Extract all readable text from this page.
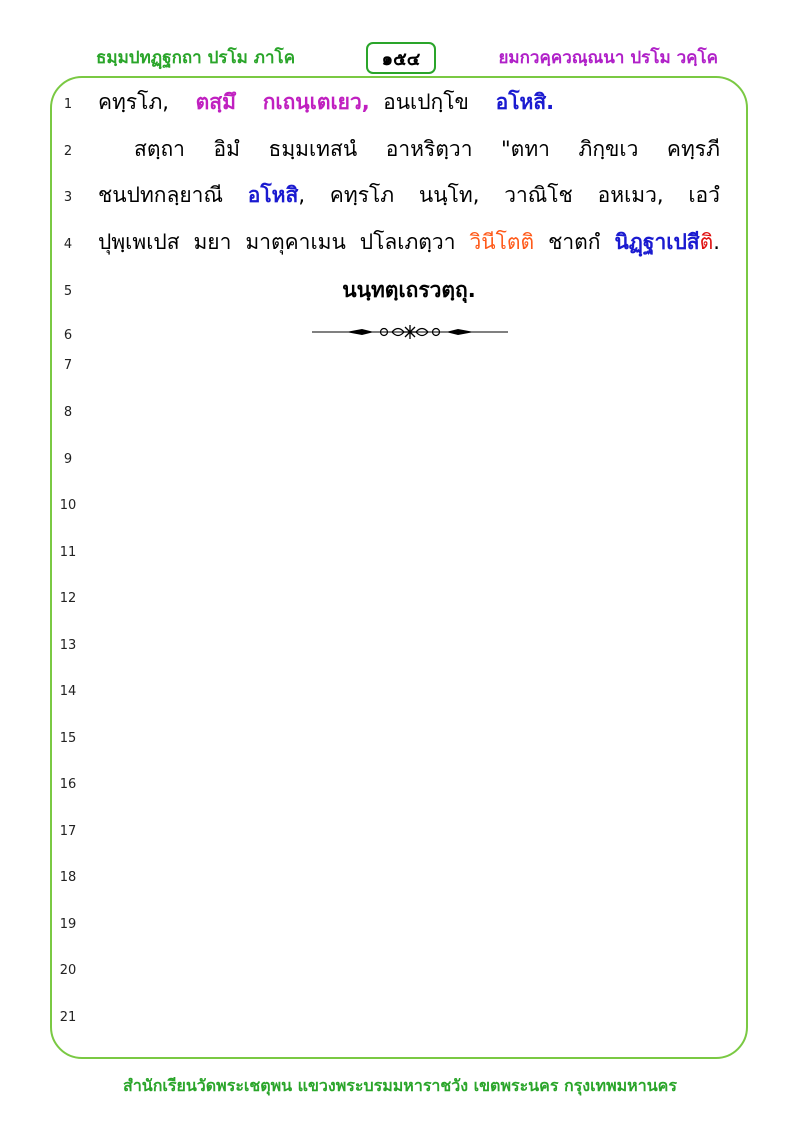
ธมฺมปทฏฺฐกถา ปรโม ภาโค	๑๕๔	ยมกวคฺควณฺณนา ปรโม วคฺโค
1
2
3
4
5
6
7
8
9
10
11
12
13
14
15
16
17
18
19
20
21
คทฺรโภ, ตสฺมึ กเถนฺเตเยว, อนเปกฺโข อโหสิ.
สตฺถา อิมํ ธมฺมเทสนํ อาหริตฺวา "ตทา ภิกฺขเว คทฺรภี
ชนปทกลฺยาณี อโหสิ, คทฺรโภ นนฺโท, วาณิโช อหเมว, เอวํ
ปุพฺเพเปส มยา มาตุคาเมน ปโลเภตฺวา วินีโตติ ชาตกํ นิฏฺฐาเปสีติ.
นนฺทตฺเถรวตฺถุ.
สำนักเรียนวัดพระเชตุพน แขวงพระบรมมหาราชวัง เขตพระนคร กรุงเทพมหานคร
